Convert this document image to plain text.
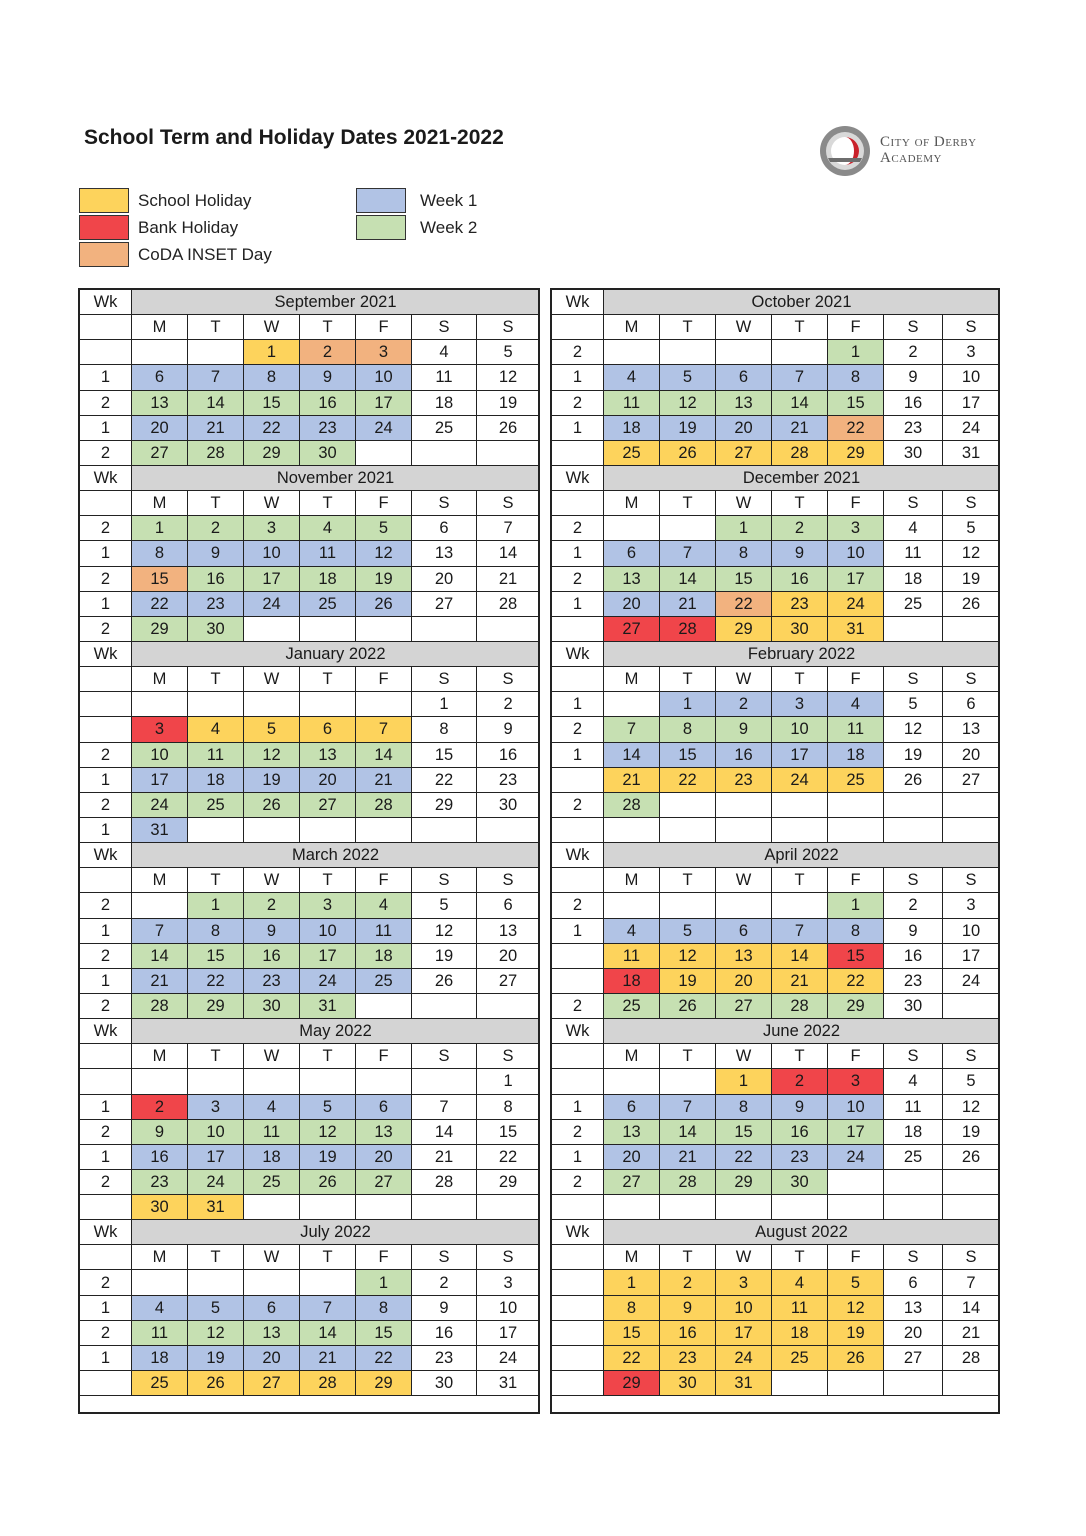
School Term and Holiday Dates 2021-2022	City of Derby
Academy
School Holiday
Bank Holiday
CoDA INSET Day
Week 1
Week 2
Wk	September 2021						
	M	T	W	T	F	S	S
			1	2	3	4	5
1	6	7	8	9	10	11	12
2	13	14	15	16	17	18	19
1	20	21	22	23	24	25	26
2	27	28	29	30			
Wk	November 2021						
	M	T	W	T	F	S	S
2	1	2	3	4	5	6	7
1	8	9	10	11	12	13	14
2	15	16	17	18	19	20	21
1	22	23	24	25	26	27	28
2	29	30					
Wk	January 2022						
	M	T	W	T	F	S	S
						1	2
	3	4	5	6	7	8	9
2	10	11	12	13	14	15	16
1	17	18	19	20	21	22	23
2	24	25	26	27	28	29	30
1	31						
Wk	March 2022						
	M	T	W	T	F	S	S
2		1	2	3	4	5	6
1	7	8	9	10	11	12	13
2	14	15	16	17	18	19	20
1	21	22	23	24	25	26	27
2	28	29	30	31			
Wk	May 2022						
	M	T	W	T	F	S	S
							1
1	2	3	4	5	6	7	8
2	9	10	11	12	13	14	15
1	16	17	18	19	20	21	22
2	23	24	25	26	27	28	29
	30	31					
Wk	July 2022						
	M	T	W	T	F	S	S
2					1	2	3
1	4	5	6	7	8	9	10
2	11	12	13	14	15	16	17
1	18	19	20	21	22	23	24
	25	26	27	28	29	30	31
Wk	October 2021						
	M	T	W	T	F	S	S
2					1	2	3
1	4	5	6	7	8	9	10
2	11	12	13	14	15	16	17
1	18	19	20	21	22	23	24
	25	26	27	28	29	30	31
Wk	December 2021						
	M	T	W	T	F	S	S
2			1	2	3	4	5
1	6	7	8	9	10	11	12
2	13	14	15	16	17	18	19
1	20	21	22	23	24	25	26
	27	28	29	30	31		
Wk	February 2022						
	M	T	W	T	F	S	S
1		1	2	3	4	5	6
2	7	8	9	10	11	12	13
1	14	15	16	17	18	19	20
	21	22	23	24	25	26	27
2	28						

Wk	April 2022						
	M	T	W	T	F	S	S
2					1	2	3
1	4	5	6	7	8	9	10
	11	12	13	14	15	16	17
	18	19	20	21	22	23	24
2	25	26	27	28	29	30	
Wk	June 2022						
	M	T	W	T	F	S	S
			1	2	3	4	5
1	6	7	8	9	10	11	12
2	13	14	15	16	17	18	19
1	20	21	22	23	24	25	26
2	27	28	29	30			

Wk	August 2022						
	M	T	W	T	F	S	S
	1	2	3	4	5	6	7
	8	9	10	11	12	13	14
	15	16	17	18	19	20	21
	22	23	24	25	26	27	28
	29	30	31				
